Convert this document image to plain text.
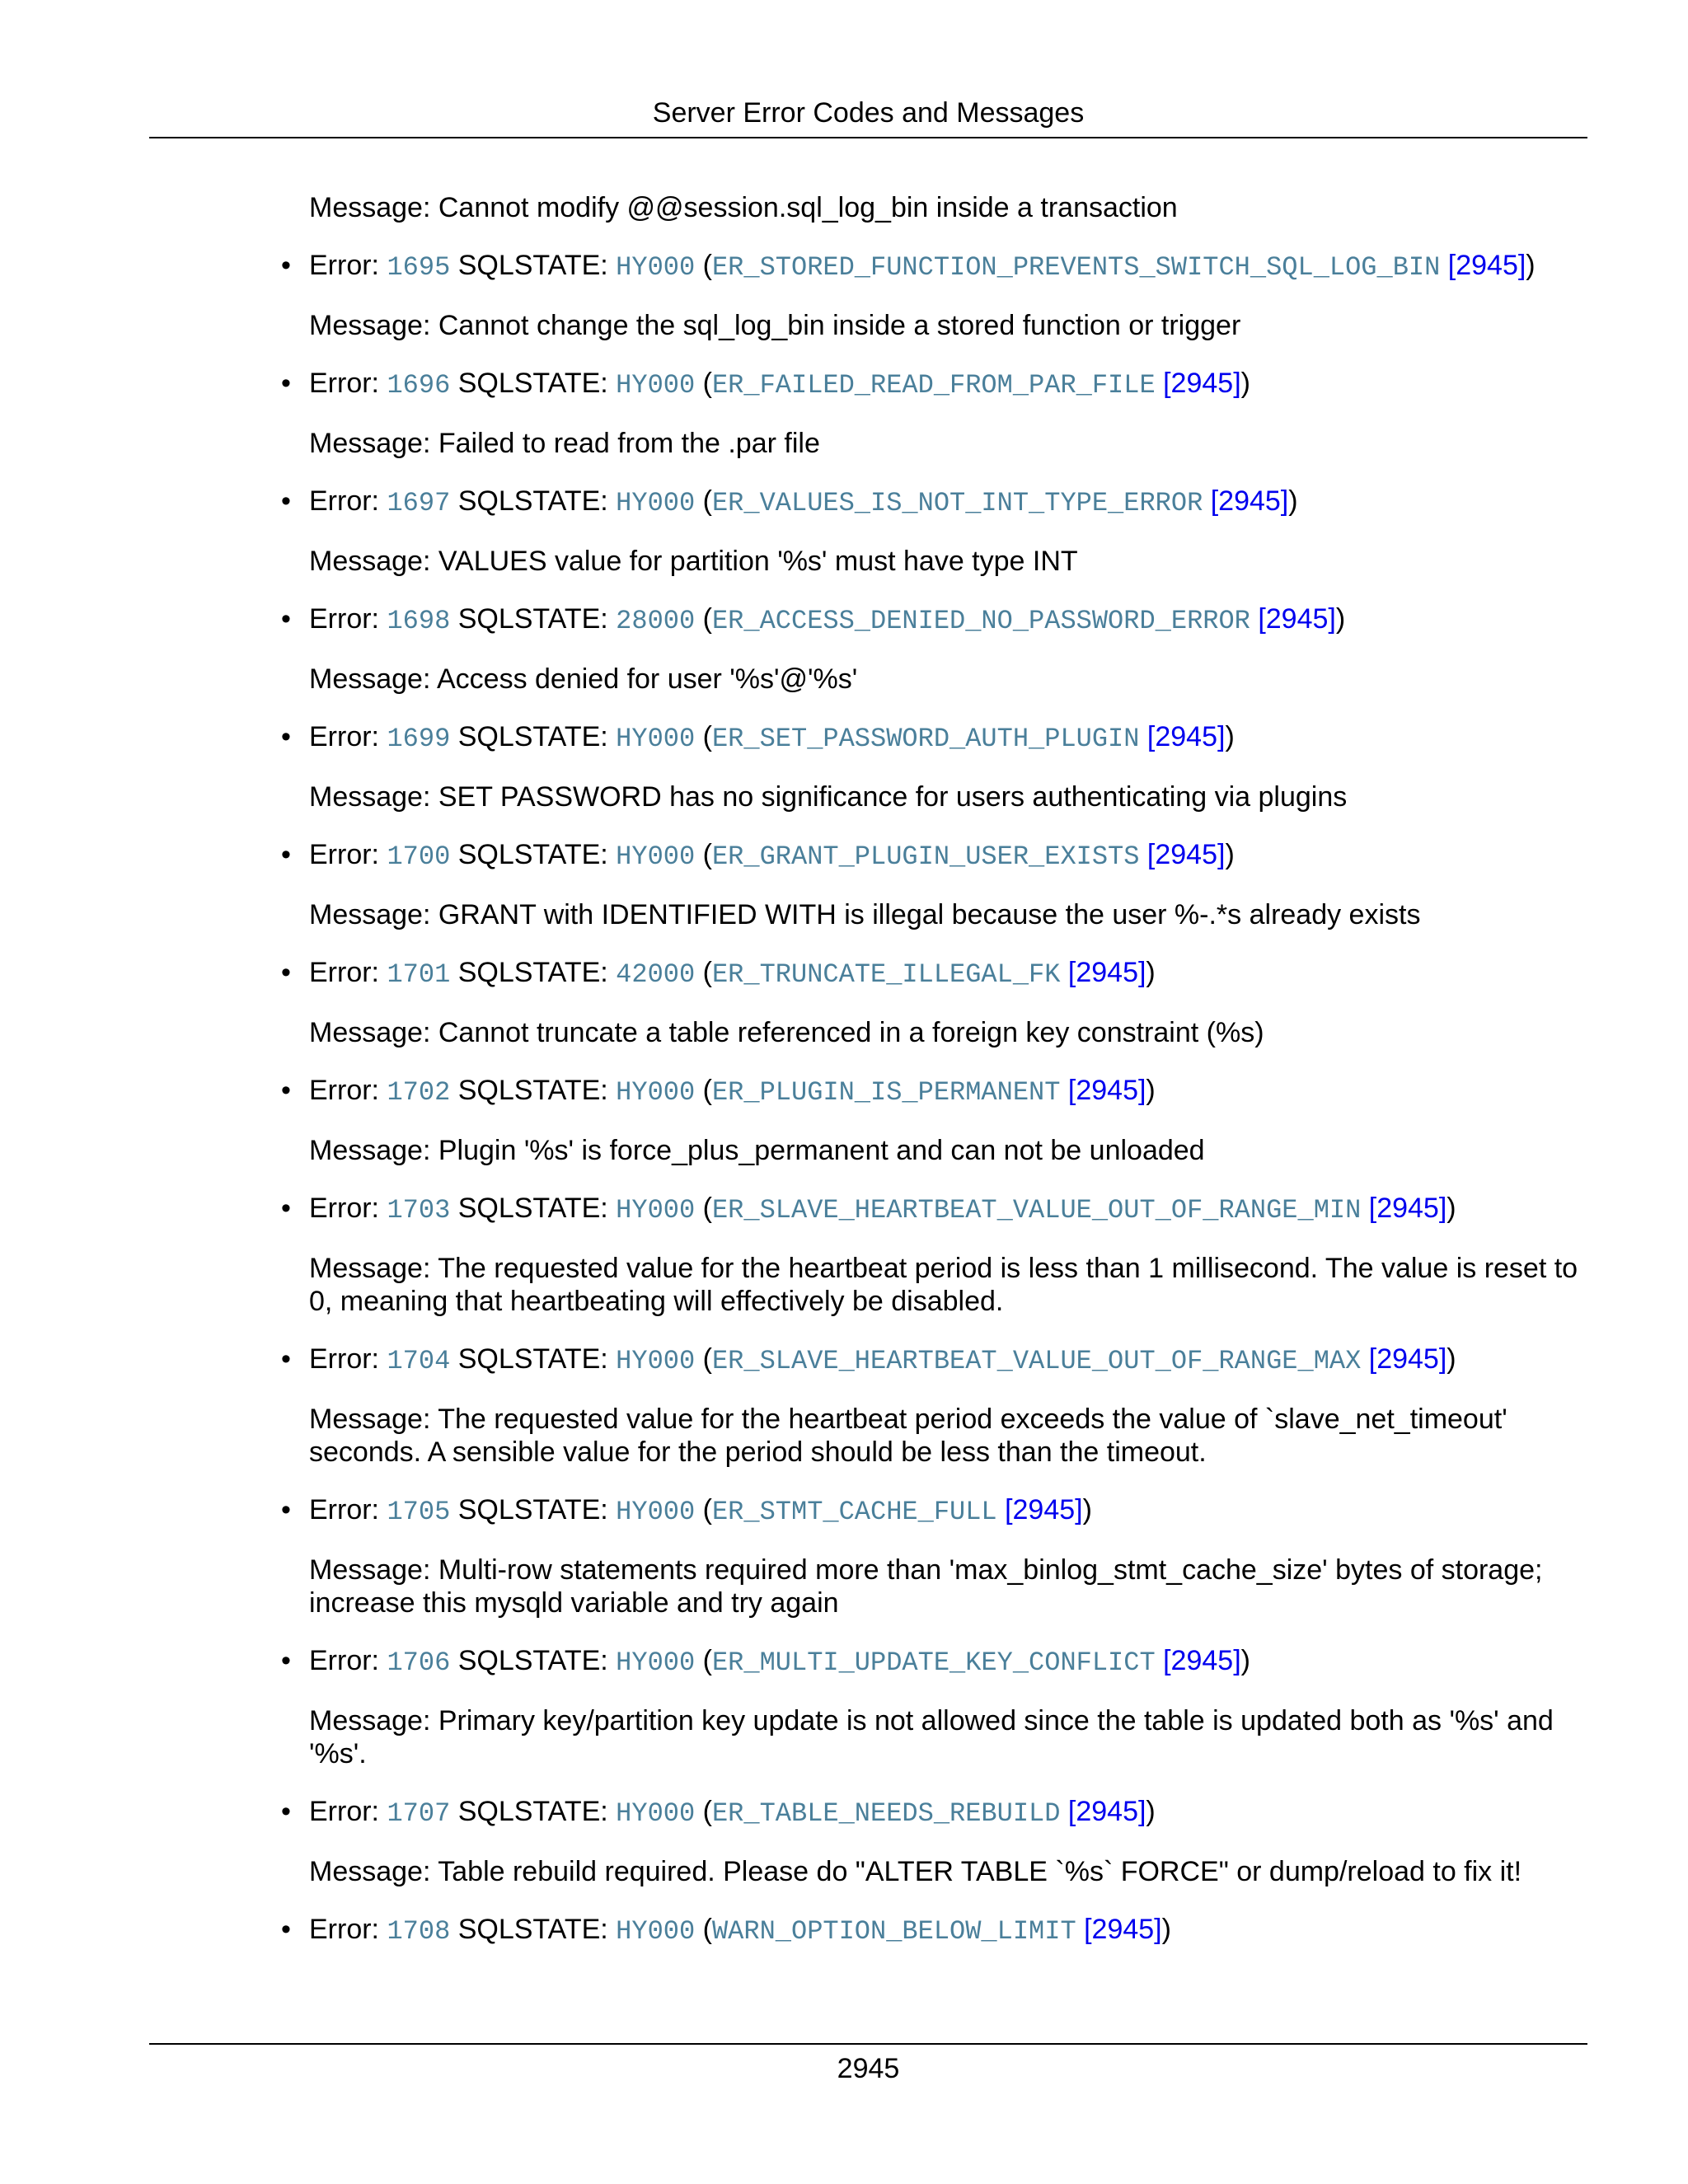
Server Error Codes and Messages

Message: Cannot modify @@session.sql_log_bin inside a transaction

• Error: 1695 SQLSTATE: HY000 (ER_STORED_FUNCTION_PREVENTS_SWITCH_SQL_LOG_BIN [2945])

Message: Cannot change the sql_log_bin inside a stored function or trigger

• Error: 1696 SQLSTATE: HY000 (ER_FAILED_READ_FROM_PAR_FILE [2945])

Message: Failed to read from the .par file

• Error: 1697 SQLSTATE: HY000 (ER_VALUES_IS_NOT_INT_TYPE_ERROR [2945])

Message: VALUES value for partition '%s' must have type INT

• Error: 1698 SQLSTATE: 28000 (ER_ACCESS_DENIED_NO_PASSWORD_ERROR [2945])

Message: Access denied for user '%s'@'%s'

• Error: 1699 SQLSTATE: HY000 (ER_SET_PASSWORD_AUTH_PLUGIN [2945])

Message: SET PASSWORD has no significance for users authenticating via plugins

• Error: 1700 SQLSTATE: HY000 (ER_GRANT_PLUGIN_USER_EXISTS [2945])

Message: GRANT with IDENTIFIED WITH is illegal because the user %-.*s already exists

• Error: 1701 SQLSTATE: 42000 (ER_TRUNCATE_ILLEGAL_FK [2945])

Message: Cannot truncate a table referenced in a foreign key constraint (%s)

• Error: 1702 SQLSTATE: HY000 (ER_PLUGIN_IS_PERMANENT [2945])

Message: Plugin '%s' is force_plus_permanent and can not be unloaded

• Error: 1703 SQLSTATE: HY000 (ER_SLAVE_HEARTBEAT_VALUE_OUT_OF_RANGE_MIN [2945])

Message: The requested value for the heartbeat period is less than 1 millisecond. The value is reset to 0, meaning that heartbeating will effectively be disabled.

• Error: 1704 SQLSTATE: HY000 (ER_SLAVE_HEARTBEAT_VALUE_OUT_OF_RANGE_MAX [2945])

Message: The requested value for the heartbeat period exceeds the value of `slave_net_timeout' seconds. A sensible value for the period should be less than the timeout.

• Error: 1705 SQLSTATE: HY000 (ER_STMT_CACHE_FULL [2945])

Message: Multi-row statements required more than 'max_binlog_stmt_cache_size' bytes of storage; increase this mysqld variable and try again

• Error: 1706 SQLSTATE: HY000 (ER_MULTI_UPDATE_KEY_CONFLICT [2945])

Message: Primary key/partition key update is not allowed since the table is updated both as '%s' and '%s'.

• Error: 1707 SQLSTATE: HY000 (ER_TABLE_NEEDS_REBUILD [2945])

Message: Table rebuild required. Please do "ALTER TABLE `%s` FORCE" or dump/reload to fix it!

• Error: 1708 SQLSTATE: HY000 (WARN_OPTION_BELOW_LIMIT [2945])

2945
